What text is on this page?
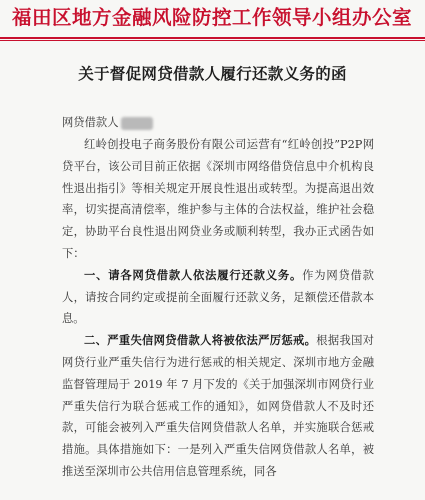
福田区地方金融风险防控工作领导小组办公室
关于督促网贷借款人履行还款义务的函
网贷借款人

红岭创投电子商务股份有限公司运营有“红岭创投”P2P网贷平台，该公司目前正依据《深圳市网络借贷信息中介机构良性退出指引》等相关规定开展良性退出或转型。为提高退出效率，切实提高清偿率，维护参与主体的合法权益，维护社会稳定，协助平台良性退出网贷业务或顺利转型，我办正式函告如下：

一、请各网贷借款人依法履行还款义务。作为网贷借款人，请按合同约定或提前全面履行还款义务，足额偿还借款本息。

二、严重失信网贷借款人将被依法严厉惩戒。根据我国对网贷行业严重失信行为进行惩戒的相关规定、深圳市地方金融监督管理局于 2019 年 7 月下发的《关于加强深圳市网贷行业严重失信行为联合惩戒工作的通知》，如网贷借款人不及时还款，可能会被列入严重失信网贷借款人名单，并实施联合惩戒措施。具体措施如下：一是列入严重失信网贷借款人名单，被推送至深圳市公共信用信息管理系统，同各
